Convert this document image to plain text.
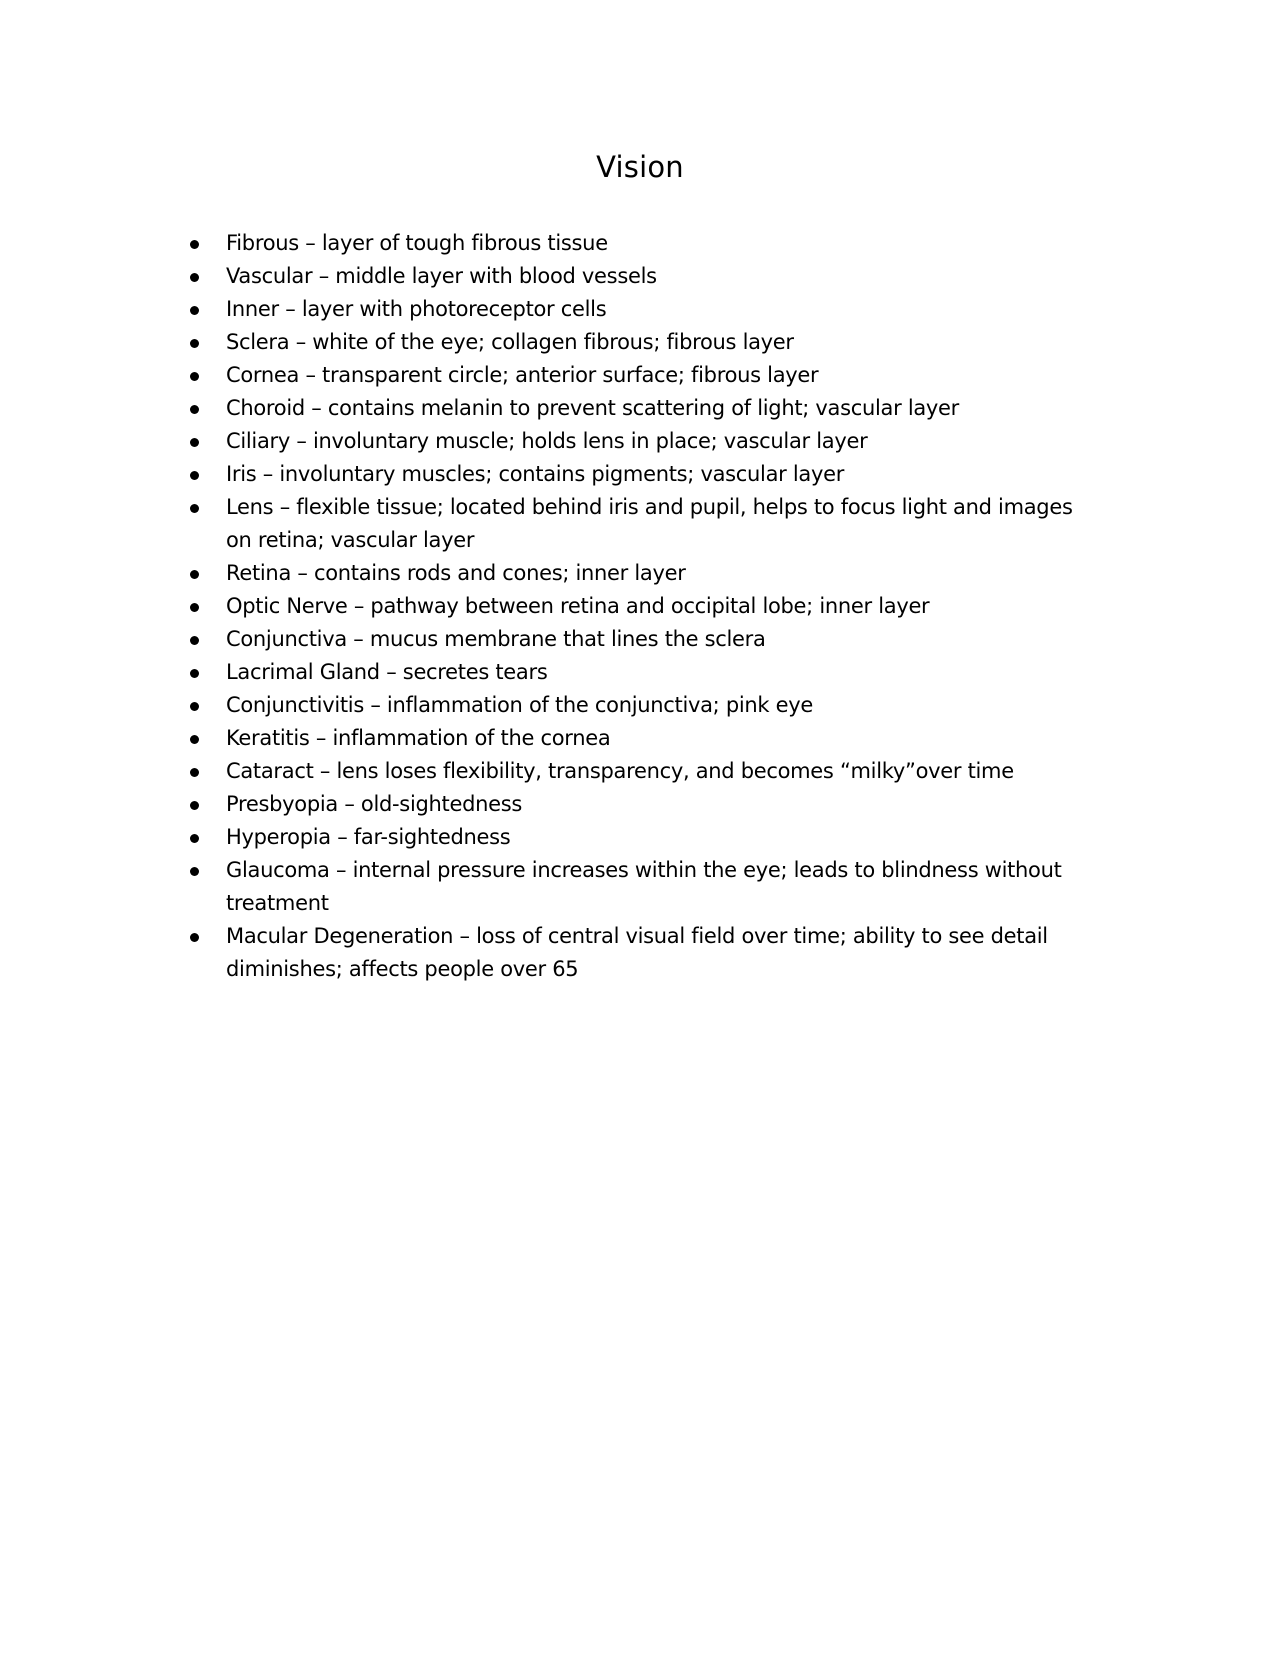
Vision
Fibrous – layer of tough fibrous tissue
Vascular – middle layer with blood vessels
Inner – layer with photoreceptor cells
Sclera – white of the eye; collagen fibrous; fibrous layer
Cornea – transparent circle; anterior surface; fibrous layer
Choroid – contains melanin to prevent scattering of light; vascular layer
Ciliary – involuntary muscle; holds lens in place; vascular layer
Iris – involuntary muscles; contains pigments; vascular layer
Lens – flexible tissue; located behind iris and pupil, helps to focus light and images on retina; vascular layer
Retina – contains rods and cones; inner layer
Optic Nerve – pathway between retina and occipital lobe; inner layer
Conjunctiva – mucus membrane that lines the sclera
Lacrimal Gland – secretes tears
Conjunctivitis – inflammation of the conjunctiva; pink eye
Keratitis – inflammation of the cornea
Cataract – lens loses flexibility, transparency, and becomes “milky”over time
Presbyopia – old-sightedness
Hyperopia – far-sightedness
Glaucoma – internal pressure increases within the eye; leads to blindness without treatment
Macular Degeneration – loss of central visual field over time; ability to see detail diminishes; affects people over 65
